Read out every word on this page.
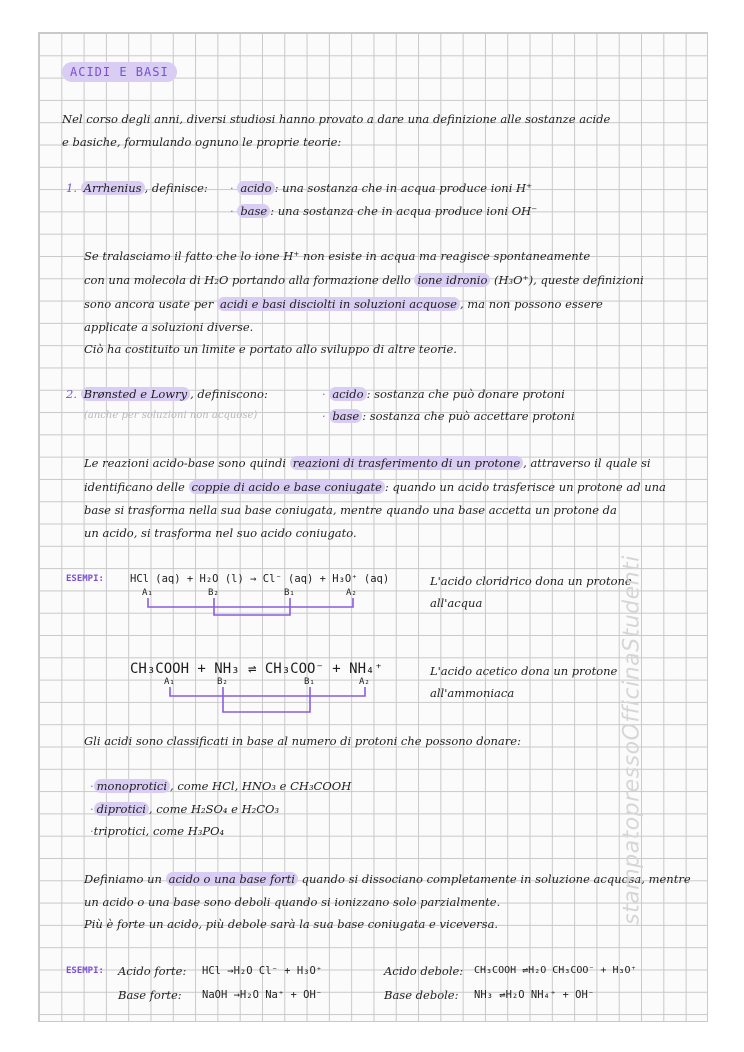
ACIDI E BASI
Nel corso degli anni, diversi studiosi hanno provato a dare una definizione alle sostanze acide
e basiche, formulando ognuno le proprie teorie:
1. Arrhenius , definisce: · acido : una sostanza che in acqua produce ioni H⁺
· base : una sostanza che in acqua produce ioni OH⁻
Se tralasciamo il fatto che lo ione H⁺ non esiste in acqua ma reagisce spontaneamente
con una molecola di H₂O portando alla formazione dello ione idronio (H₃O⁺), queste definizioni
sono ancora usate per acidi e basi disciolti in soluzioni acquose , ma non possono essere
applicate a soluzioni diverse.
Ciò ha costituito un limite e portato allo sviluppo di altre teorie.
2. Brønsted e Lowry , definiscono:
(anche per soluzioni non acquose)
· acido : sostanza che può donare protoni
· base : sostanza che può accettare protoni
Le reazioni acido-base sono quindi reazioni di trasferimento di un protone , attraverso il quale si
identificano delle coppie di acido e base coniugate : quando un acido trasferisce un protone ad una
base si trasforma nella sua base coniugata, mentre quando una base accetta un protone da
un acido, si trasforma nel suo acido coniugato.
ESEMPI: HCl (aq) + H₂O (l) → Cl⁻ (aq) + H₃O⁺ (aq)
A₁	B₂	B₁	A₂
L'acido cloridrico dona un protone
all'acqua
CH₃COOH + NH₃ ⇌ CH₃COO⁻ + NH₄⁺
A₁	B₂	B₁	A₂
L'acido acetico dona un protone
all'ammoniaca
Gli acidi sono classificati in base al numero di protoni che possono donare:
· monoprotici , come HCl, HNO₃ e CH₃COOH
· diprotici , come H₂SO₄ e H₂CO₃
·triprotici, come H₃PO₄
Definiamo un acido o una base forti quando si dissociano completamente in soluzione acquosa, mentre
un acido o una base sono deboli quando si ionizzano solo parzialmente.
Più è forte un acido, più debole sarà la sua base coniugata e viceversa.
ESEMPI: Acido forte: HCl →H₂O Cl⁻ + H₃O⁺
Base forte: NaOH →H₂O Na⁺ + OH⁻
Acido debole: CH₃COOH ⇌H₂O CH₃COO⁻ + H₃O⁺
Base debole: NH₃ ⇌H₂O NH₄⁺ + OH⁻
stampatopressoOfficinaStudenti
